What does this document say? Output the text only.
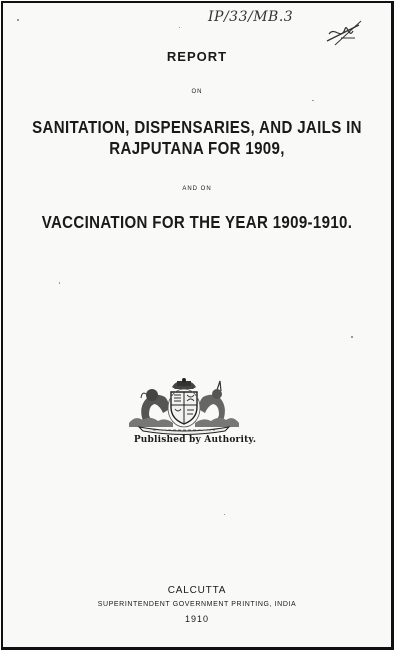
IP/33/MB.3
REPORT
ON
SANITATION, DISPENSARIES, AND JAILS IN
RAJPUTANA FOR 1909,
AND ON
VACCINATION FOR THE YEAR 1909-1910.
Published by Authority.
CALCUTTA
SUPERINTENDENT GOVERNMENT PRINTING, INDIA
1910
